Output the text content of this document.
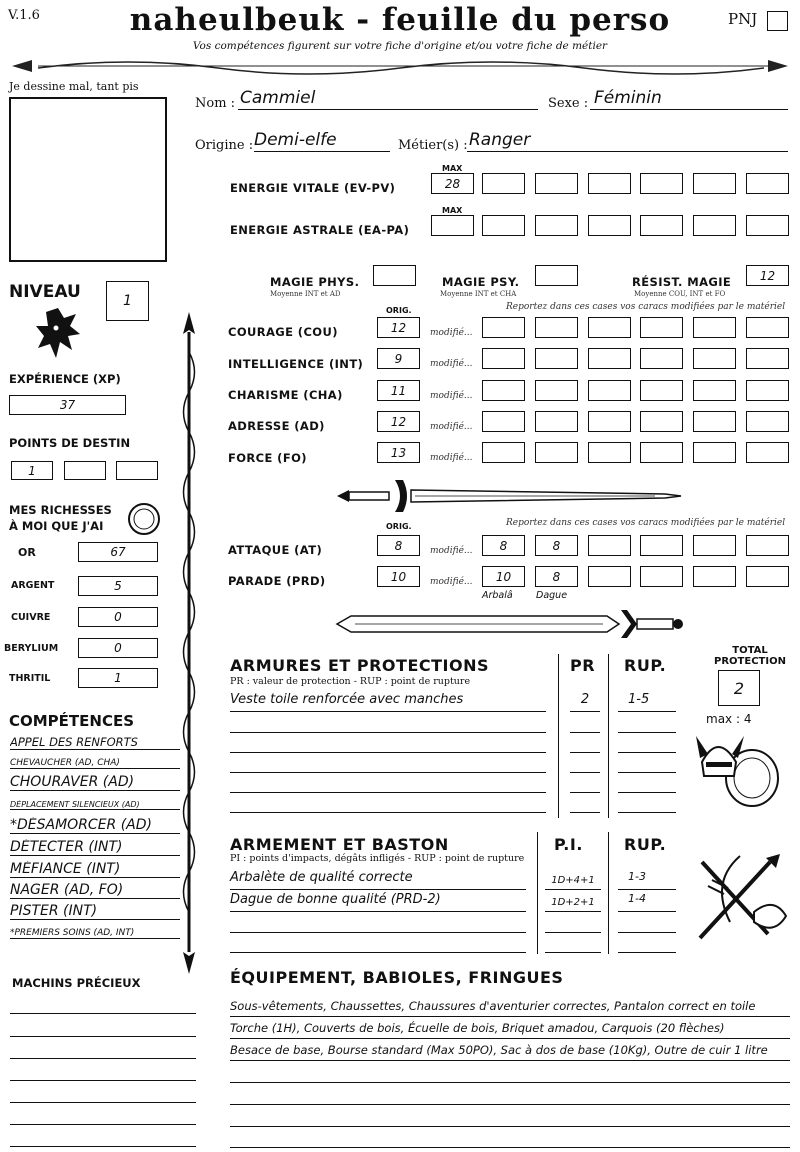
V.1.6	naheulbeuk - feuille du perso	PNJ
Vos compétences figurent sur votre fiche d'origine et/ou votre fiche de métier
Je dessine mal, tant pis
Nom : Cammiel	Sexe : Féminin
Origine : Demi-elfe	Métier(s) : Ranger
MAX
ENERGIE VITALE (EV-PV)	28
MAX
ENERGIE ASTRALE (EA-PA)
MAGIE PHYS.
Moyenne INT et AD
MAGIE PSY.
Moyenne INT et CHA
RÉSIST. MAGIE
Moyenne COU, INT et FO
12
NIVEAU	1
EXPÉRIENCE (XP)
37
POINTS DE DESTIN
1
MES RICHESSES
À MOI QUE J'AI
OR	67
ARGENT	5
CUIVRE	0
BERYLIUM	0
THRITIL	1
COMPÉTENCES
APPEL DES RENFORTS
CHEVAUCHER (AD, CHA)
CHOURAVER (AD)
DÉPLACEMENT SILENCIEUX (AD)
*DÉSAMORCER (AD)
DÉTECTER (INT)
MÉFIANCE (INT)
NAGER (AD, FO)
PISTER (INT)
*PREMIERS SOINS (AD, INT)
MACHINS PRÉCIEUX
ORIG.	Reportez dans ces cases vos caracs modifiées par le matériel
COURAGE (COU)	12	modifié...
INTELLIGENCE (INT)	9	modifié...
CHARISME (CHA)	11	modifié...
ADRESSE (AD)	12	modifié...
FORCE (FO)	13	modifié...
ORIG.	Reportez dans ces cases vos caracs modifiées par le matériel
ATTAQUE (AT)	8	modifié...	8	8
PARADE (PRD)	10	modifié...	10	8
Arbalâ Dague
ARMURES ET PROTECTIONS
PR : valeur de protection - RUP : point de rupture
PR RUP.
Veste toile renforcée avec manches	2	1-5
TOTAL PROTECTION
2
max : 4
ARMEMENT ET BASTON
PI : points d'impacts, dégâts infligés - RUP : point de rupture
P.I.	RUP.
Arbalète de qualité correcte	1D+4+1	1-3
Dague de bonne qualité (PRD-2)	1D+2+1	1-4
ÉQUIPEMENT, BABIOLES, FRINGUES
Sous-vêtements, Chaussettes, Chaussures d'aventurier correctes, Pantalon correct en toile
Torche (1H), Couverts de bois, Écuelle de bois, Briquet amadou, Carquois (20 flèches)
Besace de base, Bourse standard (Max 50PO), Sac à dos de base (10Kg), Outre de cuir 1 litre
